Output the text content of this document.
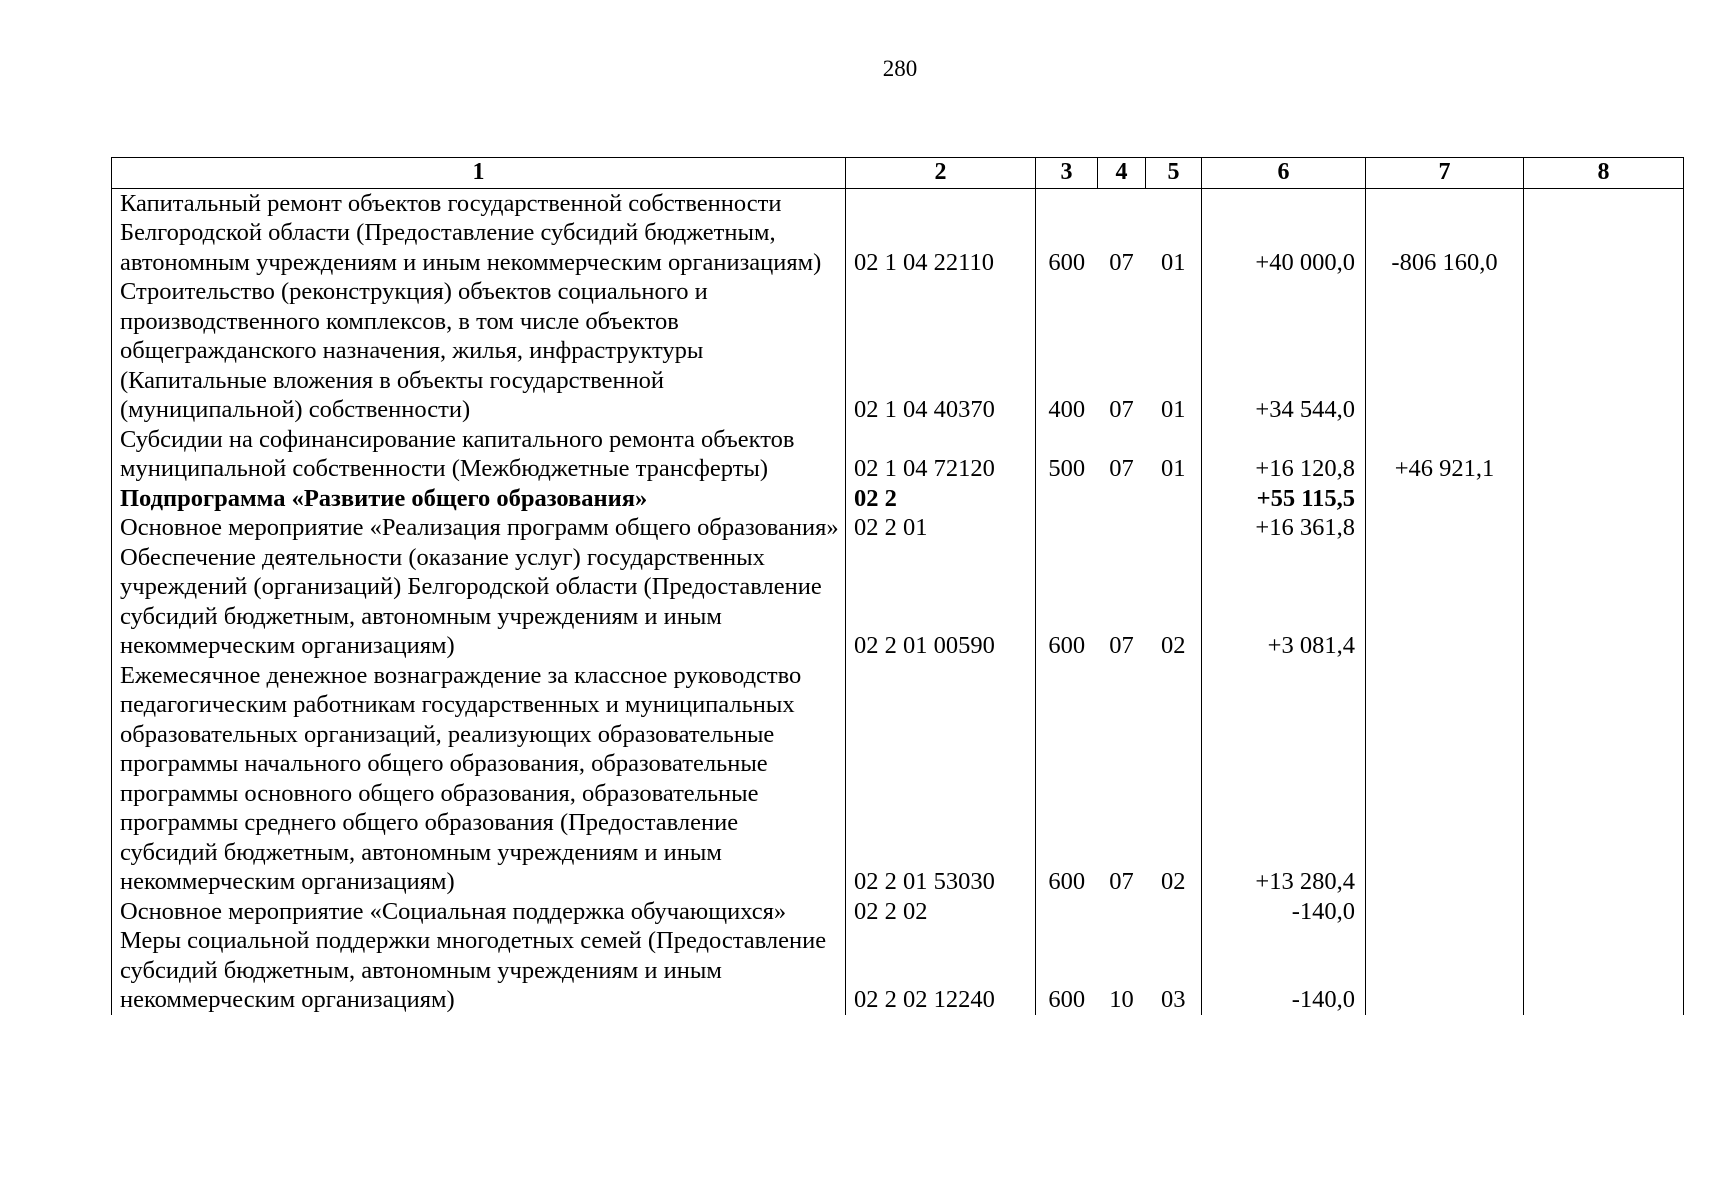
280
1	2	3	4	5	6	7	8
Капитальный ремонт объектов государственной собственности Белгородской области (Предоставление субсидий бюджетным, автономным учреждениям и иным некоммерческим организациям)	02 1 04 22110	600	07	01	+40 000,0	-806 160,0	
Строительство (реконструкция) объектов социального и производственного комплексов, в том числе объектов общегражданского назначения, жилья, инфраструктуры (Капитальные вложения в объекты государственной (муниципальной) собственности)	02 1 04 40370	400	07	01	+34 544,0		
Субсидии на софинансирование капитального ремонта объектов муниципальной собственности (Межбюджетные трансферты)	02 1 04 72120	500	07	01	+16 120,8	+46 921,1	
Подпрограмма «Развитие общего образования»	02 2				+55 115,5		
Основное мероприятие «Реализация программ общего образования»	02 2 01				+16 361,8		
Обеспечение деятельности (оказание услуг) государственных учреждений (организаций) Белгородской области (Предоставление субсидий бюджетным, автономным учреждениям и иным некоммерческим организациям)	02 2 01 00590	600	07	02	+3 081,4		
Ежемесячное денежное вознаграждение за классное руководство педагогическим работникам государственных и муниципальных образовательных организаций, реализующих образовательные программы начального общего образования, образовательные программы основного общего образования, образовательные программы среднего общего образования (Предоставление субсидий бюджетным, автономным учреждениям и иным некоммерческим организациям)	02 2 01 53030	600	07	02	+13 280,4		
Основное мероприятие «Социальная поддержка обучающихся»	02 2 02				-140,0		
Меры социальной поддержки многодетных семей (Предоставление субсидий бюджетным, автономным учреждениям и иным некоммерческим организациям)	02 2 02 12240	600	10	03	-140,0		
